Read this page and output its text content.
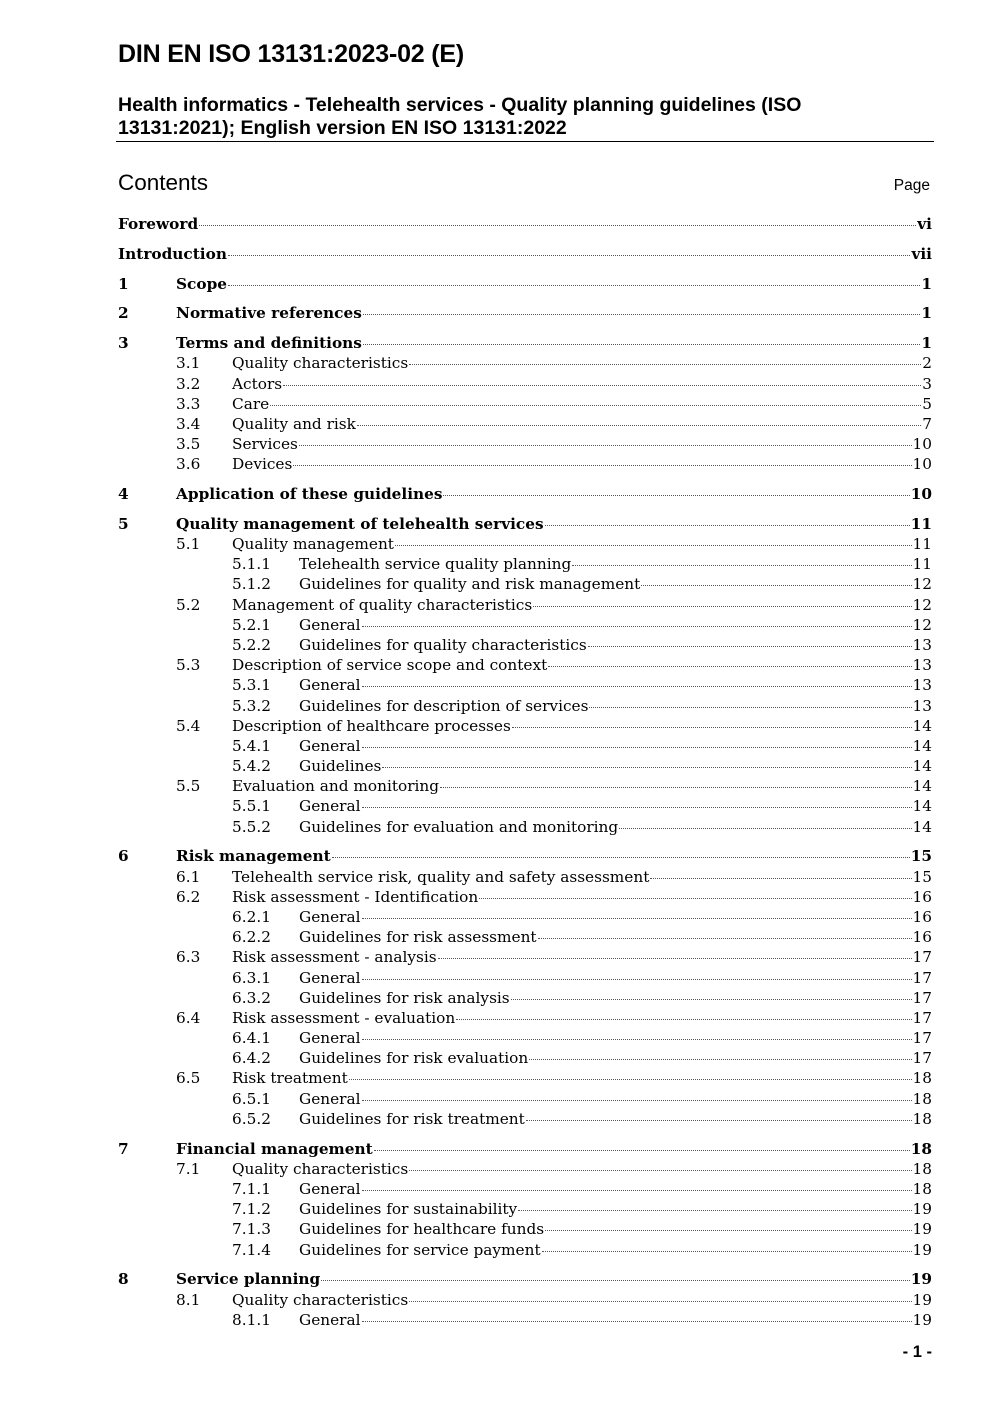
DIN EN ISO 13131:2023-02 (E)
Health informatics - Telehealth services - Quality planning guidelines (ISO 13131:2021); English version EN ISO 13131:2022
Contents	Page
Foreword	vi
Introduction	vii
1	Scope	1
2	Normative references	1
3	Terms and definitions	1
3.1	Quality characteristics	2
3.2	Actors	3
3.3	Care	5
3.4	Quality and risk	7
3.5	Services	10
3.6	Devices	10
4	Application of these guidelines	10
5	Quality management of telehealth services	11
5.1	Quality management	11
5.1.1	Telehealth service quality planning	11
5.1.2	Guidelines for quality and risk management	12
5.2	Management of quality characteristics	12
5.2.1	General	12
5.2.2	Guidelines for quality characteristics	13
5.3	Description of service scope and context	13
5.3.1	General	13
5.3.2	Guidelines for description of services	13
5.4	Description of healthcare processes	14
5.4.1	General	14
5.4.2	Guidelines	14
5.5	Evaluation and monitoring	14
5.5.1	General	14
5.5.2	Guidelines for evaluation and monitoring	14
6	Risk management	15
6.1	Telehealth service risk, quality and safety assessment	15
6.2	Risk assessment - Identification	16
6.2.1	General	16
6.2.2	Guidelines for risk assessment	16
6.3	Risk assessment - analysis	17
6.3.1	General	17
6.3.2	Guidelines for risk analysis	17
6.4	Risk assessment - evaluation	17
6.4.1	General	17
6.4.2	Guidelines for risk evaluation	17
6.5	Risk treatment	18
6.5.1	General	18
6.5.2	Guidelines for risk treatment	18
7	Financial management	18
7.1	Quality characteristics	18
7.1.1	General	18
7.1.2	Guidelines for sustainability	19
7.1.3	Guidelines for healthcare funds	19
7.1.4	Guidelines for service payment	19
8	Service planning	19
8.1	Quality characteristics	19
8.1.1	General	19
- 1 -
